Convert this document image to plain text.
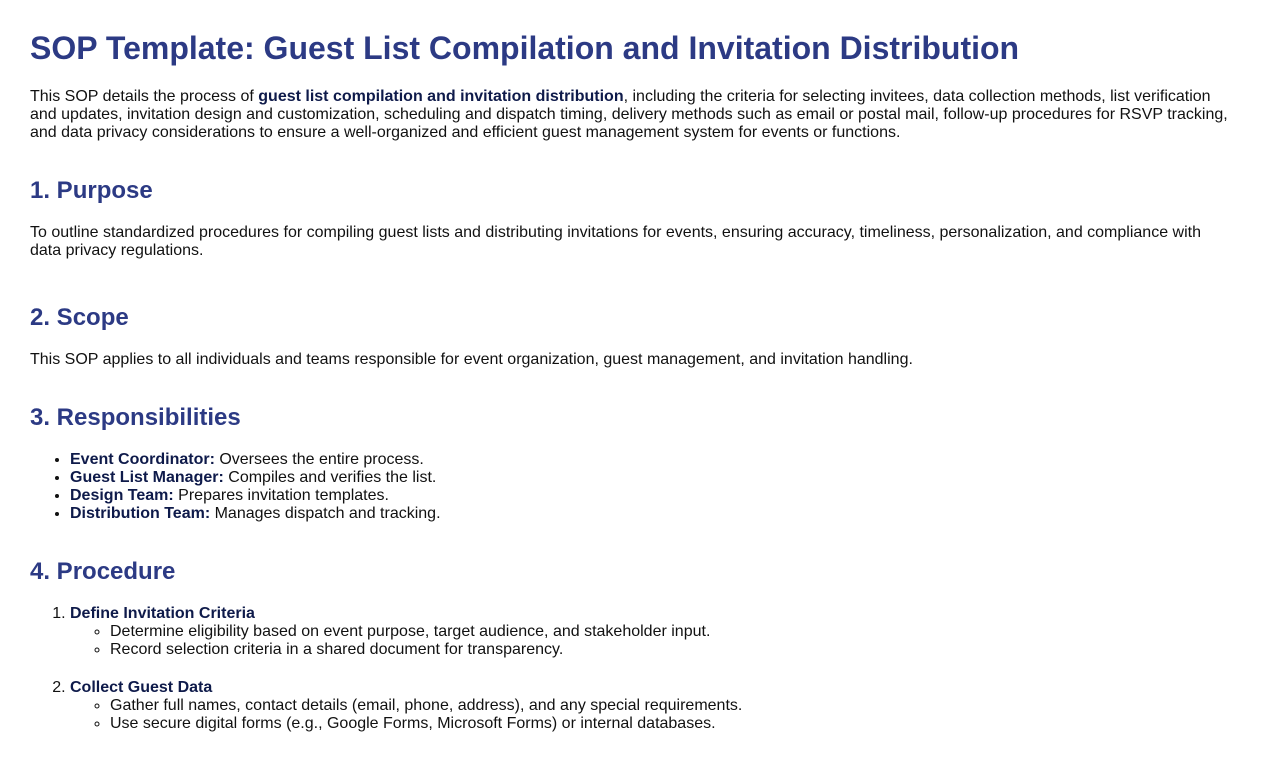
SOP Template: Guest List Compilation and Invitation Distribution

This SOP details the process of guest list compilation and invitation distribution, including the criteria for selecting invitees, data collection methods, list verification and updates, invitation design and customization, scheduling and dispatch timing, delivery methods such as email or postal mail, follow-up procedures for RSVP tracking, and data privacy considerations to ensure a well-organized and efficient guest management system for events or functions.

1. Purpose

To outline standardized procedures for compiling guest lists and distributing invitations for events, ensuring accuracy, timeliness, personalization, and compliance with data privacy regulations.

2. Scope

This SOP applies to all individuals and teams responsible for event organization, guest management, and invitation handling.

3. Responsibilities
• Event Coordinator: Oversees the entire process.
• Guest List Manager: Compiles and verifies the list.
• Design Team: Prepares invitation templates.
• Distribution Team: Manages dispatch and tracking.
4. Procedure
1. Define Invitation Criteria
◦ Determine eligibility based on event purpose, target audience, and stakeholder input.
◦ Record selection criteria in a shared document for transparency.
2. Collect Guest Data
◦ Gather full names, contact details (email, phone, address), and any special requirements.
◦ Use secure digital forms (e.g., Google Forms, Microsoft Forms) or internal databases.
